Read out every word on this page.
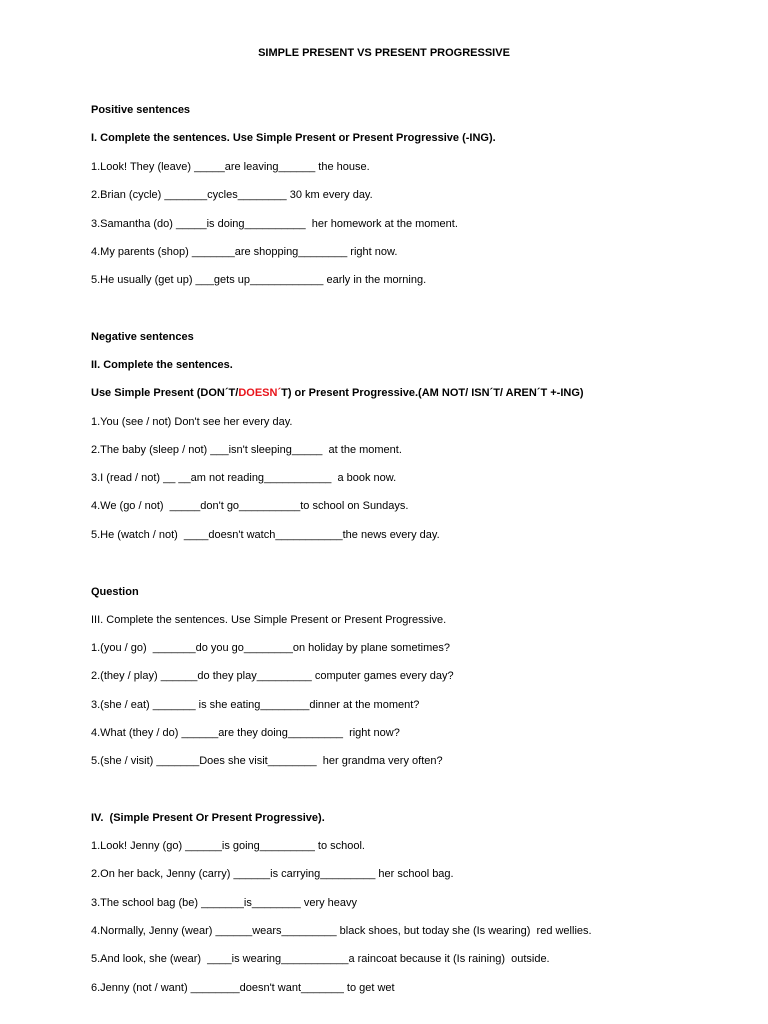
SIMPLE PRESENT VS PRESENT PROGRESSIVE
Positive sentences
I. Complete the sentences. Use Simple Present or Present Progressive (-ING).
1.Look! They (leave) _____are leaving______ the house.
2.Brian (cycle) _______cycles________ 30 km every day.
3.Samantha (do) _____is doing__________  her homework at the moment.
4.My parents (shop) _______are shopping________ right now.
5.He usually (get up) ___gets up____________ early in the morning.
Negative sentences
II. Complete the sentences.
Use Simple Present (DON´T/DOESN´T) or Present Progressive.(AM NOT/ ISN´T/ AREN´T +-ING)
1.You (see / not) Don't see her every day.
2.The baby (sleep / not) ___isn't sleeping_____  at the moment.
3.I (read / not) __ __am not reading___________  a book now.
4.We (go / not)  _____don't go__________to school on Sundays.
5.He (watch / not)  ____doesn't watch___________the news every day.
Question
III. Complete the sentences. Use Simple Present or Present Progressive.
1.(you / go)  _______do you go________on holiday by plane sometimes?
2.(they / play) ______do they play_________ computer games every day?
3.(she / eat) _______ is she eating________dinner at the moment?
4.What (they / do) ______are they doing_________  right now?
5.(she / visit) _______Does she visit________  her grandma very often?
IV.  (Simple Present Or Present Progressive).
1.Look! Jenny (go) ______is going_________ to school.
2.On her back, Jenny (carry) ______is carrying_________ her school bag.
3.The school bag (be) _______is________ very heavy
4.Normally, Jenny (wear) ______wears_________ black shoes, but today she (Is wearing)  red wellies.
5.And look, she (wear)  ____is wearing___________a raincoat because it (Is raining)  outside.
6.Jenny (not / want) ________doesn't want_______ to get wet
